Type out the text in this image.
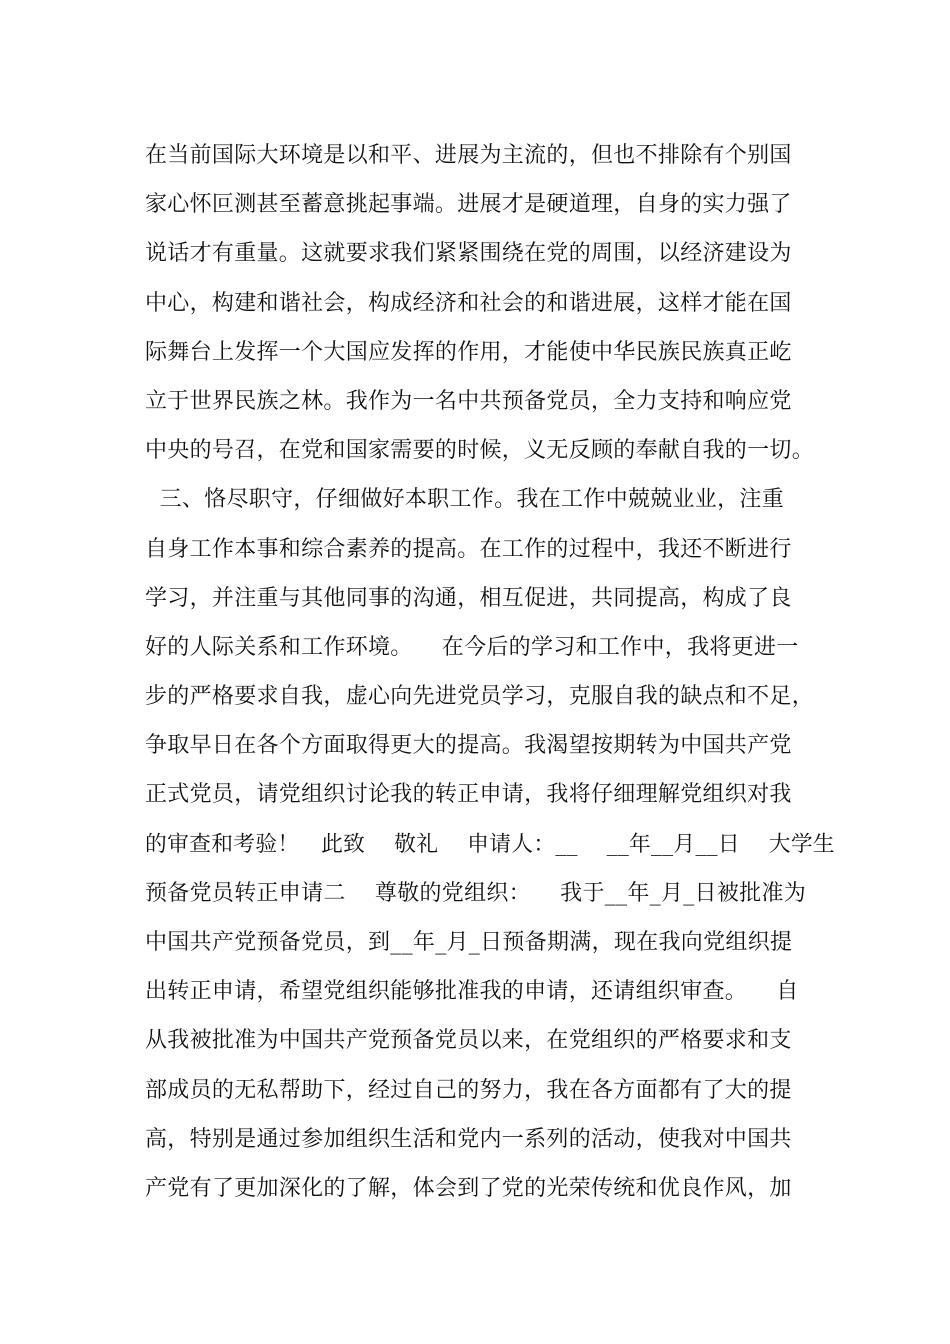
在当前国际大环境是以和平、进展为主流的，但也不排除有个别国
家心怀叵测甚至蓄意挑起事端。进展才是硬道理，自身的实力强了
说话才有重量。这就要求我们紧紧围绕在党的周围，以经济建设为
中心，构建和谐社会，构成经济和社会的和谐进展，这样才能在国
际舞台上发挥一个大国应发挥的作用，才能使中华民族民族真正屹
立于世界民族之林。我作为一名中共预备党员，全力支持和响应党
中央的号召，在党和国家需要的时候，义无反顾的奉献自我的一切。
三、恪尽职守，仔细做好本职工作。我在工作中兢兢业业，注重
自身工作本事和综合素养的提高。在工作的过程中，我还不断进行
学习，并注重与其他同事的沟通，相互促进，共同提高，构成了良
好的人际关系和工作环境。    在今后的学习和工作中，我将更进一
步的严格要求自我，虚心向先进党员学习，克服自我的缺点和不足，
争取早日在各个方面取得更大的提高。我渴望按期转为中国共产党
正式党员，请党组织讨论我的转正申请，我将仔细理解党组织对我
的审查和考验！   此致    敬礼    申请人：__    __年__月__日    大学生
预备党员转正申请二    尊敬的党组织：    我于__年_月_日被批准为
中国共产党预备党员，到__年_月_日预备期满，现在我向党组织提
出转正申请，希望党组织能够批准我的申请，还请组织审查。    自
从我被批准为中国共产党预备党员以来，在党组织的严格要求和支
部成员的无私帮助下，经过自己的努力，我在各方面都有了大的提
高，特别是通过参加组织生活和党内一系列的活动，使我对中国共
产党有了更加深化的了解，体会到了党的光荣传统和优良作风，加
